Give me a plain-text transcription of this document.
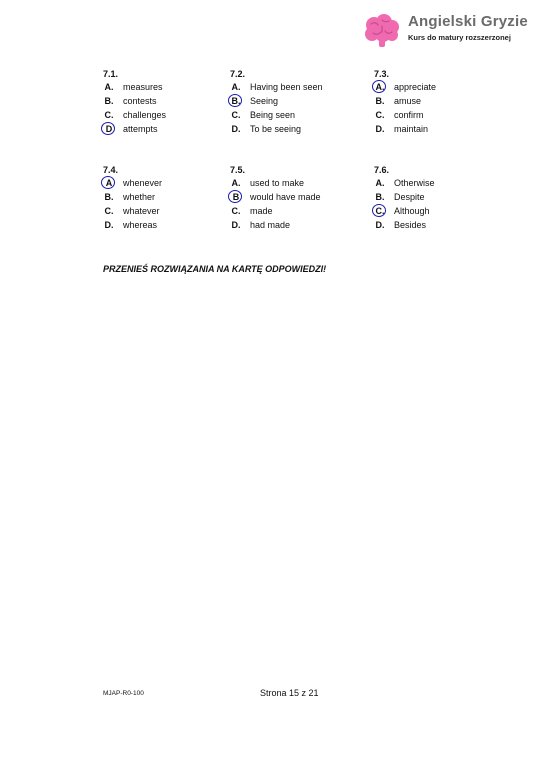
Angielski Gryzie
Kurs do matury rozszerzonej
7.1.
A. measures
B. contests
C. challenges
D	attempts
7.2.
A. Having been seen
B. Seeing
C. Being seen
D. To be seeing
7.3.
A. appreciate
B. amuse
C. confirm
D. maintain
7.4.
A	whenever
B. whether
C. whatever
D. whereas
7.5.
A. used to make
B	would have made
C. made
D. had made
7.6.
A. Otherwise
B. Despite
C. Although
D. Besides
PRZENIEŚ ROZWIĄZANIA NA KARTĘ ODPOWIEDZI!
MJAP-R0-100	Strona 15 z 21
